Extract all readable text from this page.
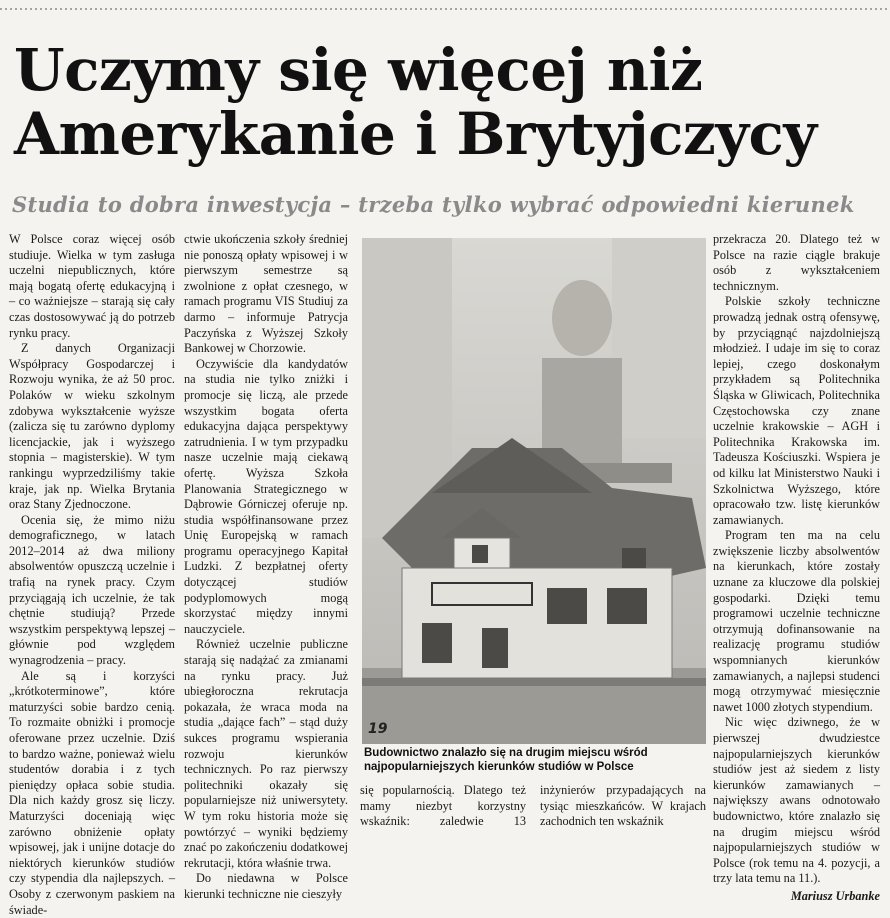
Uczymy się więcej niż
Amerykanie i Brytyjczycy
Studia to dobra inwestycja – trzeba tylko wybrać odpowiedni kierunek

W Polsce coraz więcej osób studiuje. Wielka w tym zasługa uczelni niepublicznych, które mają bogatą ofertę edukacyjną i – co ważniejsze – starają się cały czas dostosowywać ją do potrzeb rynku pracy.

Z danych Organizacji Współpracy Gospodarczej i Rozwoju wynika, że aż 50 proc. Polaków w wieku szkolnym zdobywa wykształcenie wyższe (zalicza się tu zarówno dyplomy licencjackie, jak i wyższego stopnia – magisterskie). W tym rankingu wyprzedziliśmy takie kraje, jak np. Wielka Brytania oraz Stany Zjednoczone.

Ocenia się, że mimo niżu demograficznego, w latach 2012–2014 aż dwa miliony absolwentów opuszczą uczelnie i trafią na rynek pracy. Czym przyciągają ich uczelnie, że tak chętnie studiują? Przede wszystkim perspektywą lepszej – głównie pod względem wynagrodzenia – pracy.

Ale są i korzyści „krótkoterminowe”, które maturzyści sobie bardzo cenią. To rozmaite obniżki i promocje oferowane przez uczelnie. Dziś to bardzo ważne, ponieważ wielu studentów dorabia i z tych pieniędzy opłaca sobie studia. Dla nich każdy grosz się liczy. Maturzyści doceniają więc zarówno obniżenie opłaty wpisowej, jak i unijne dotacje do niektórych kierunków studiów czy stypendia dla najlepszych. – Osoby z czerwonym paskiem na świade-

ctwie ukończenia szkoły średniej nie ponoszą opłaty wpisowej i w pierwszym semestrze są zwolnione z opłat czesnego, w ramach programu VIS Studiuj za darmo – informuje Patrycja Paczyńska z Wyższej Szkoły Bankowej w Chorzowie.

Oczywiście dla kandydatów na studia nie tylko zniżki i promocje się liczą, ale przede wszystkim bogata oferta edukacyjna dająca perspektywy zatrudnienia. I w tym przypadku nasze uczelnie mają ciekawą ofertę. Wyższa Szkoła Planowania Strategicznego w Dąbrowie Górniczej oferuje np. studia współfinansowane przez Unię Europejską w ramach programu operacyjnego Kapitał Ludzki. Z bezpłatnej oferty dotyczącej studiów podyplomowych mogą skorzystać między innymi nauczyciele.

Również uczelnie publiczne starają się nadążać za zmianami na rynku pracy. Już ubiegłoroczna rekrutacja pokazała, że wraca moda na studia „dające fach” – stąd duży sukces programu wspierania rozwoju kierunków technicznych. Po raz pierwszy politechniki okazały się popularniejsze niż uniwersytety. W tym roku historia może się powtórzyć – wyniki będziemy znać po zakończeniu dodatkowej rekrutacji, która właśnie trwa.

Do niedawna w Polsce kierunki techniczne nie cieszyły

19
Budownictwo znalazło się na drugim miejscu wśród najpopularniejszych kierunków studiów w Polsce

się popularnością. Dlatego też mamy niezbyt korzystny wskaźnik: zaledwie 13 inżynierów przypadających na tysiąc mieszkańców. W krajach zachodnich ten wskaźnik

przekracza 20. Dlatego też w Polsce na razie ciągle brakuje osób z wykształceniem technicznym.

Polskie szkoły techniczne prowadzą jednak ostrą ofensywę, by przyciągnąć najzdolniejszą młodzież. I udaje im się to coraz lepiej, czego doskonałym przykładem są Politechnika Śląska w Gliwicach, Politechnika Częstochowska czy znane uczelnie krakowskie – AGH i Politechnika Krakowska im. Tadeusza Kościuszki. Wspiera je od kilku lat Ministerstwo Nauki i Szkolnictwa Wyższego, które opracowało tzw. listę kierunków zamawianych.

Program ten ma na celu zwiększenie liczby absolwentów na kierunkach, które zostały uznane za kluczowe dla polskiej gospodarki. Dzięki temu programowi uczelnie techniczne otrzymują dofinansowanie na realizację programu studiów wspomnianych kierunków zamawianych, a najlepsi studenci mogą otrzymywać miesięcznie nawet 1000 złotych stypendium.

Nic więc dziwnego, że w pierwszej dwudziestce najpopularniejszych kierunków studiów jest aż siedem z listy kierunków zamawianych – największy awans odnotowało budownictwo, które znalazło się na drugim miejscu wśród najpopularniejszych studiów w Polsce (rok temu na 4. pozycji, a trzy lata temu na 11.).

Mariusz Urbanke
